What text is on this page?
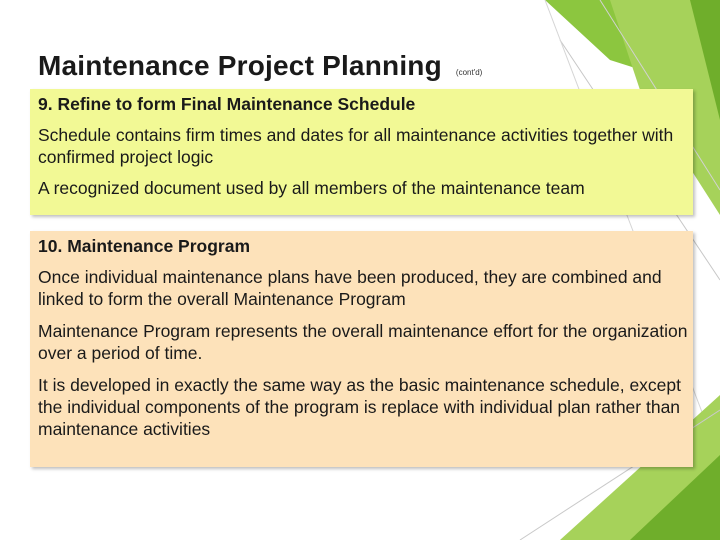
Maintenance Project Planning (cont'd)
9. Refine to form Final Maintenance Schedule
Schedule contains firm times and dates for all maintenance activities together with confirmed project logic
A recognized document used by all members of the maintenance team
10. Maintenance Program
Once individual maintenance plans have been produced, they are combined and linked to form the overall Maintenance Program
Maintenance Program represents the overall maintenance effort for the organization over a period of time.
It is developed in exactly the same way as the basic maintenance schedule, except the individual components of the program is replace with individual plan rather than maintenance activities
